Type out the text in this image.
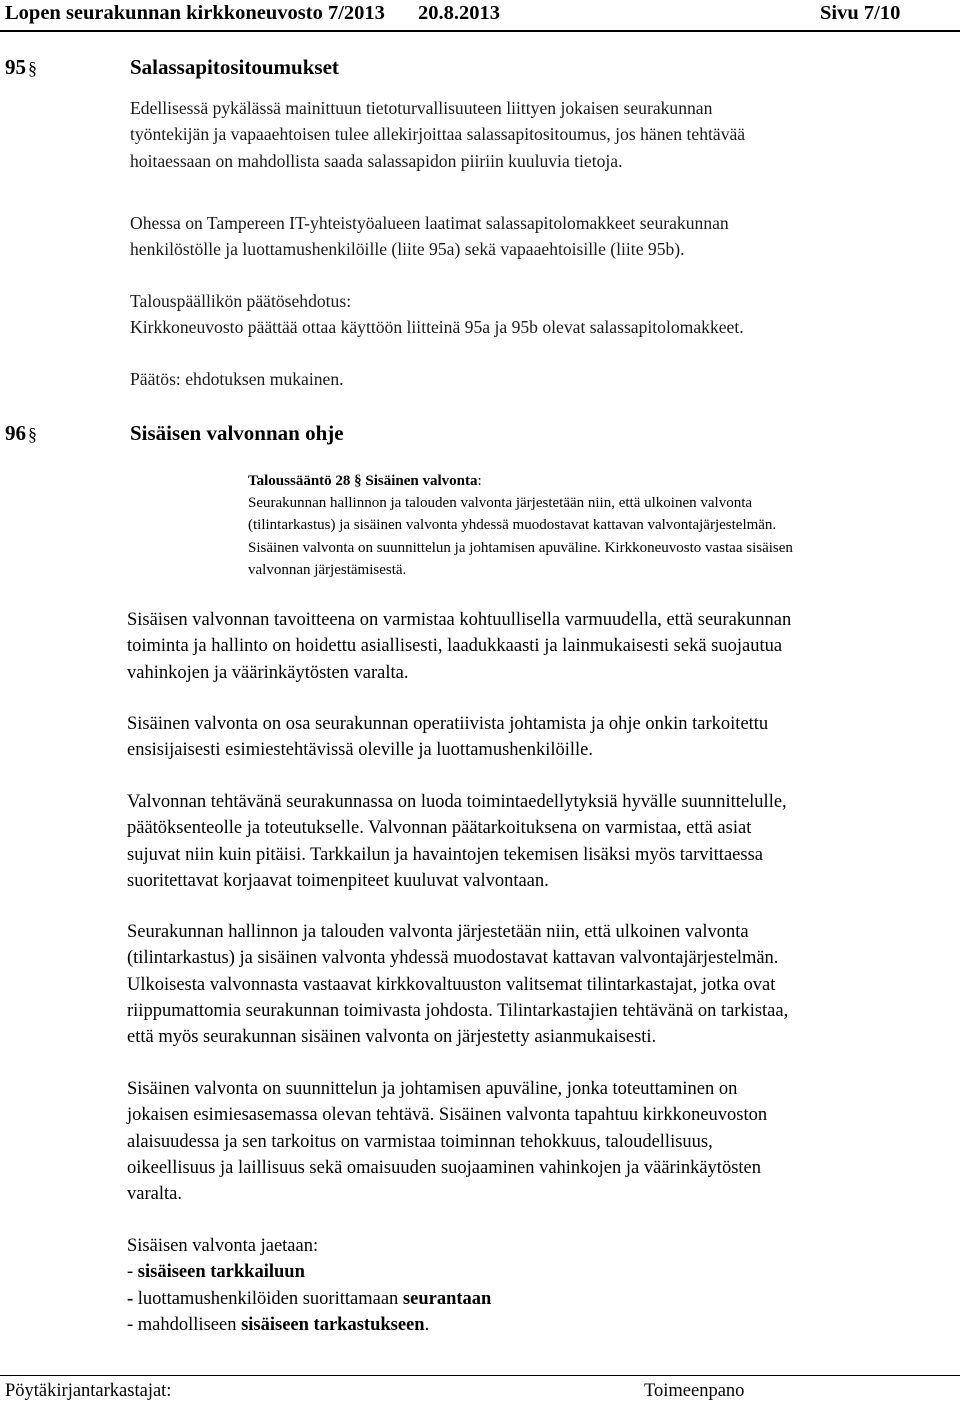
Lopen seurakunnan kirkkoneuvosto 7/2013 20.8.2013	Sivu 7/10
95 §	Salassapitositoumukset
Edellisessä pykälässä mainittuun tietoturvallisuuteen liittyen jokaisen seurakunnan
työntekijän ja vapaaehtoisen tulee allekirjoittaa salassapitositoumus, jos hänen tehtävää
hoitaessaan on mahdollista saada salassapidon piiriin kuuluvia tietoja.
Ohessa on Tampereen IT-yhteistyöalueen laatimat salassapitolomakkeet seurakunnan
henkilöstölle ja luottamushenkilöille (liite 95a) sekä vapaaehtoisille (liite 95b).
Talouspäällikön päätösehdotus:
Kirkkoneuvosto päättää ottaa käyttöön liitteinä 95a ja 95b olevat salassapitolomakkeet.
Päätös: ehdotuksen mukainen.
96 §	Sisäisen valvonnan ohje
Taloussääntö 28 § Sisäinen valvonta:
Seurakunnan hallinnon ja talouden valvonta järjestetään niin, että ulkoinen valvonta
(tilintarkastus) ja sisäinen valvonta yhdessä muodostavat kattavan valvontajärjestelmän.
Sisäinen valvonta on suunnittelun ja johtamisen apuväline. Kirkkoneuvosto vastaa sisäisen
valvonnan järjestämisestä.
Sisäisen valvonnan tavoitteena on varmistaa kohtuullisella varmuudella, että seurakunnan
toiminta ja hallinto on hoidettu asiallisesti, laadukkaasti ja lainmukaisesti sekä suojautua
vahinkojen ja väärinkäytösten varalta.
Sisäinen valvonta on osa seurakunnan operatiivista johtamista ja ohje onkin tarkoitettu
ensisijaisesti esimiestehtävissä oleville ja luottamushenkilöille.
Valvonnan tehtävänä seurakunnassa on luoda toimintaedellytyksiä hyvälle suunnittelulle,
päätöksenteolle ja toteutukselle. Valvonnan päätarkoituksena on varmistaa, että asiat
sujuvat niin kuin pitäisi. Tarkkailun ja havaintojen tekemisen lisäksi myös tarvittaessa
suoritettavat korjaavat toimenpiteet kuuluvat valvontaan.
Seurakunnan hallinnon ja talouden valvonta järjestetään niin, että ulkoinen valvonta
(tilintarkastus) ja sisäinen valvonta yhdessä muodostavat kattavan valvontajärjestelmän.
Ulkoisesta valvonnasta vastaavat kirkkovaltuuston valitsemat tilintarkastajat, jotka ovat
riippumattomia seurakunnan toimivasta johdosta. Tilintarkastajien tehtävänä on tarkistaa,
että myös seurakunnan sisäinen valvonta on järjestetty asianmukaisesti.
Sisäinen valvonta on suunnittelun ja johtamisen apuväline, jonka toteuttaminen on
jokaisen esimiesasemassa olevan tehtävä. Sisäinen valvonta tapahtuu kirkkoneuvoston
alaisuudessa ja sen tarkoitus on varmistaa toiminnan tehokkuus, taloudellisuus,
oikeellisuus ja laillisuus sekä omaisuuden suojaaminen vahinkojen ja väärinkäytösten
varalta.
Sisäisen valvonta jaetaan:
- sisäiseen tarkkailuun
- luottamushenkilöiden suorittamaan seurantaan
- mahdolliseen sisäiseen tarkastukseen.
Pöytäkirjantarkastajat:	Toimeenpano
